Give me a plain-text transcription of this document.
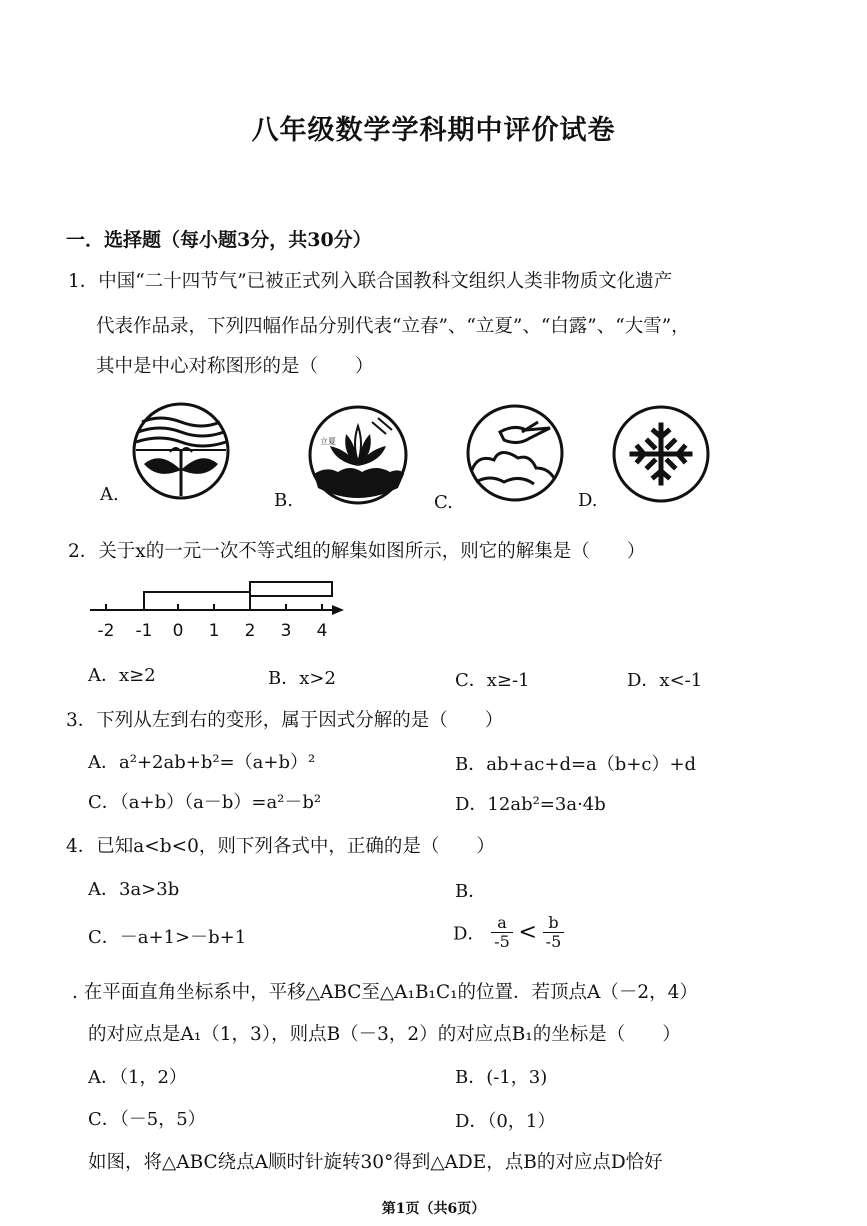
八年级数学学科期中评价试卷
一．选择题（每小题3分，共30分）
1．中国“二十四节气”已被正式列入联合国教科文组织人类非物质文化遗产
代表作品录，下列四幅作品分别代表“立春”、“立夏”、“白露”、“大雪”，
其中是中心对称图形的是（　　）
A.
立夏
B.	C.	D.
2．关于x的一元一次不等式组的解集如图所示，则它的解集是（　　）
-2 -1 0 1 2 3 4
A．x≥2	B．x>2	C．x≥-1	D．x<-1
3．下列从左到右的变形，属于因式分解的是（　　）
A．a²+2ab+b²=（a+b）²	B．ab+ac+d=a（b+c）+d
C．（a+b）（a－b）=a²－b²	D．12ab²=3a·4b
4．已知a<b<0，则下列各式中，正确的是（　　）
A．3a>3b	B．
C．－a+1>－b+1	D． $\frac{a}{-5} < \frac{b}{-5}$
. 在平面直角坐标系中，平移△ABC至△A₁B₁C₁的位置．若顶点A（－2，4）
的对应点是A₁（1，3），则点B（－3，2）的对应点B₁的坐标是（　　）
A．（1，2）	B．(-1，3)
C．（－5，5）	D．（0，1）
如图，将△ABC绕点A顺时针旋转30°得到△ADE，点B的对应点D恰好
第1页（共6页）
